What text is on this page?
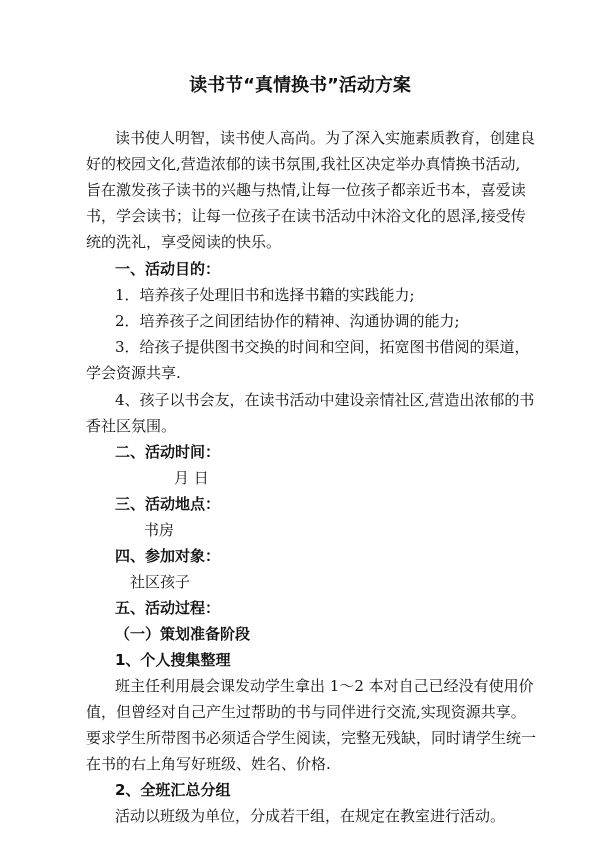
读书节“真情换书”活动方案
读书使人明智，读书使人高尚。为了深入实施素质教育，创建良
好的校园文化,营造浓郁的读书氛围,我社区决定举办真情换书活动,
旨在激发孩子读书的兴趣与热情,让每一位孩子都亲近书本，喜爱读
书，学会读书；让每一位孩子在读书活动中沐浴文化的恩泽,接受传
统的洗礼，享受阅读的快乐。
一、活动目的：
1．培养孩子处理旧书和选择书籍的实践能力;
2．培养孩子之间团结协作的精神、沟通协调的能力;
3．给孩子提供图书交换的时间和空间，拓宽图书借阅的渠道，
学会资源共享.
4、孩子以书会友，在读书活动中建设亲情社区,营造出浓郁的书
香社区氛围。
二、活动时间：
月 日
三、活动地点：
书房
四、参加对象：
社区孩子
五、活动过程：
（一）策划准备阶段
1、个人搜集整理
班主任利用晨会课发动学生拿出 1～2 本对自己已经没有使用价
值，但曾经对自己产生过帮助的书与同伴进行交流,实现资源共享。
要求学生所带图书必须适合学生阅读，完整无残缺，同时请学生统一
在书的右上角写好班级、姓名、价格.
2、全班汇总分组
活动以班级为单位，分成若干组，在规定在教室进行活动。
